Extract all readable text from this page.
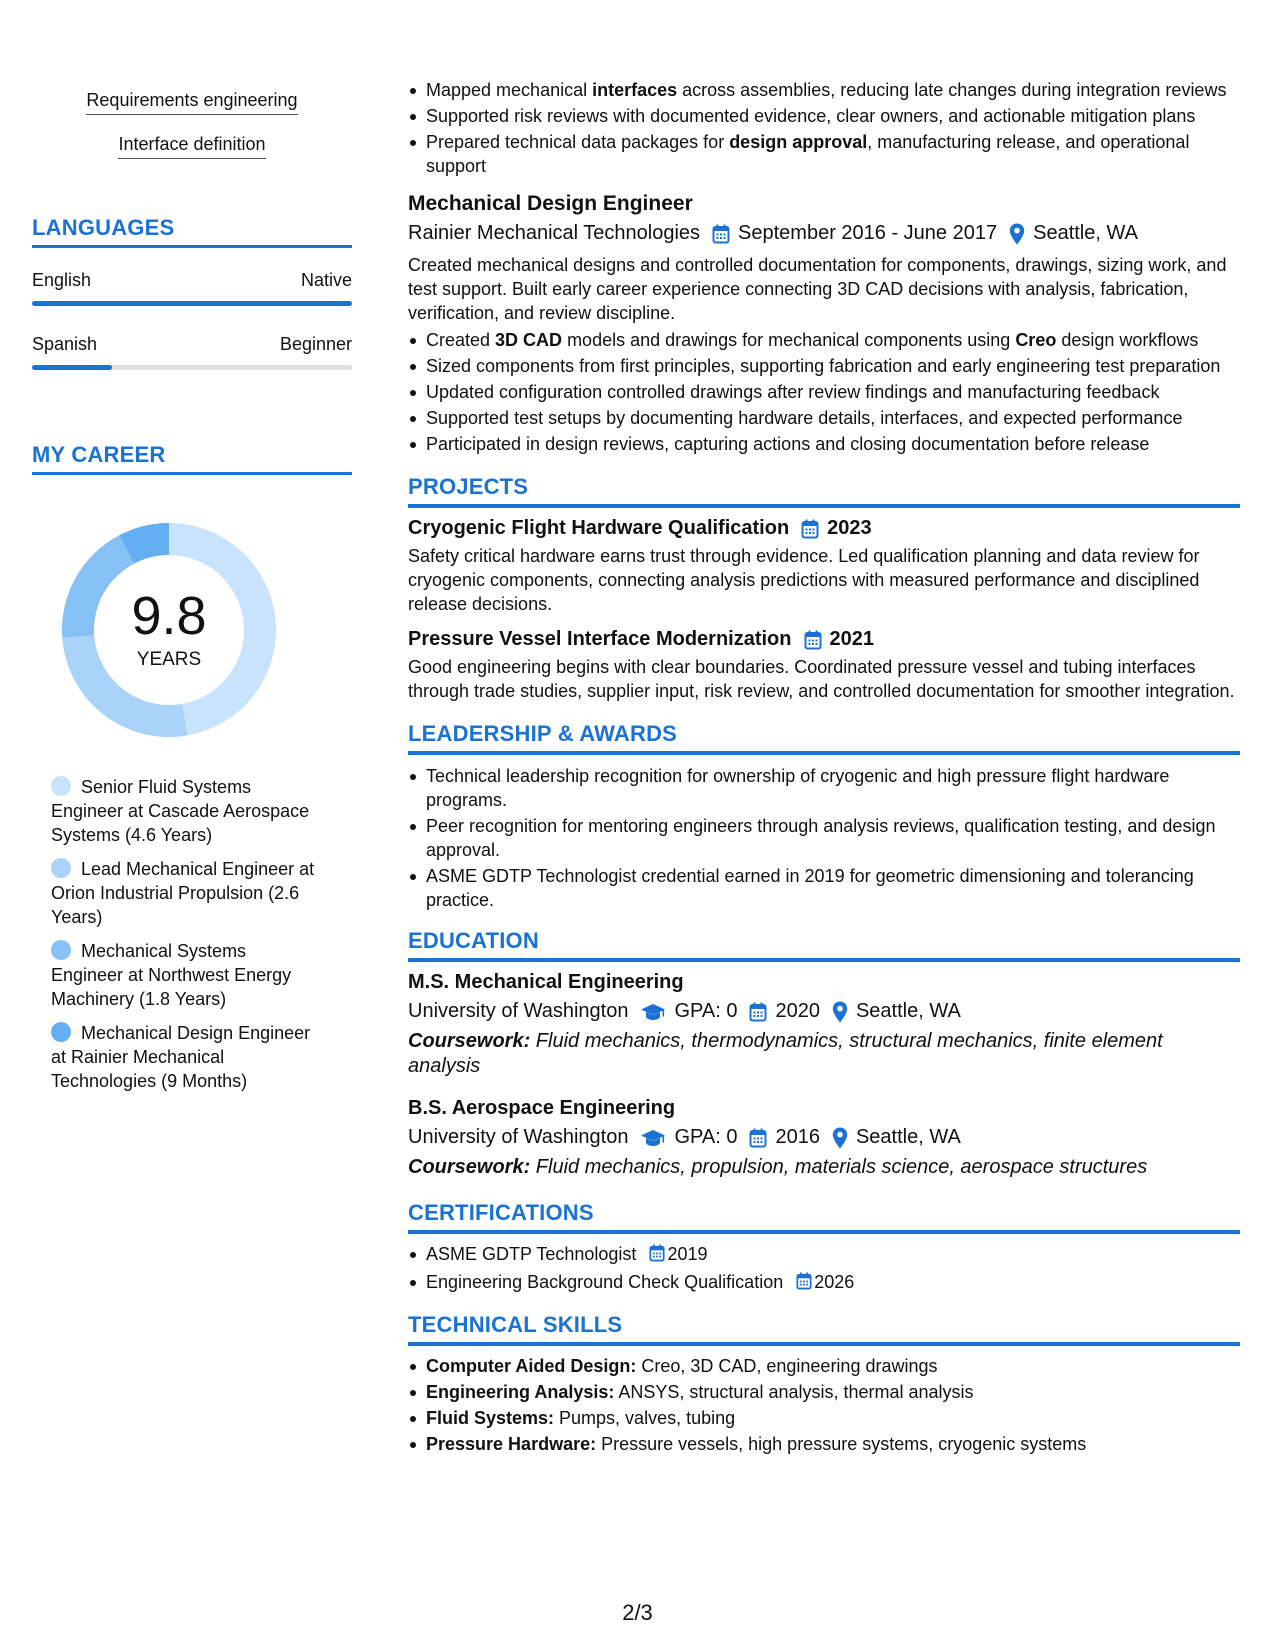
Requirements engineering
Interface definition
LANGUAGES
English	Native
Spanish	Beginner
MY CAREER
9.8
YEARS
Senior Fluid Systems Engineer at Cascade Aerospace Systems (4.6 Years)
Lead Mechanical Engineer at Orion Industrial Propulsion (2.6 Years)
Mechanical Systems Engineer at Northwest Energy Machinery (1.8 Years)
Mechanical Design Engineer at Rainier Mechanical Technologies (9 Months)
Mapped mechanical interfaces across assemblies, reducing late changes during integration reviews
Supported risk reviews with documented evidence, clear owners, and actionable mitigation plans
Prepared technical data packages for design approval, manufacturing release, and operational support
Mechanical Design Engineer
Rainier Mechanical Technologies September 2016 - June 2017 Seattle, WA
Created mechanical designs and controlled documentation for components, drawings, sizing work, and test support. Built early career experience connecting 3D CAD decisions with analysis, fabrication, verification, and review discipline.
Created 3D CAD models and drawings for mechanical components using Creo design workflows
Sized components from first principles, supporting fabrication and early engineering test preparation
Updated configuration controlled drawings after review findings and manufacturing feedback
Supported test setups by documenting hardware details, interfaces, and expected performance
Participated in design reviews, capturing actions and closing documentation before release
PROJECTS
Cryogenic Flight Hardware Qualification 2023
Safety critical hardware earns trust through evidence. Led qualification planning and data review for cryogenic components, connecting analysis predictions with measured performance and disciplined release decisions.
Pressure Vessel Interface Modernization 2021
Good engineering begins with clear boundaries. Coordinated pressure vessel and tubing interfaces through trade studies, supplier input, risk review, and controlled documentation for smoother integration.
LEADERSHIP & AWARDS
Technical leadership recognition for ownership of cryogenic and high pressure flight hardware programs.
Peer recognition for mentoring engineers through analysis reviews, qualification testing, and design approval.
ASME GDTP Technologist credential earned in 2019 for geometric dimensioning and tolerancing practice.
EDUCATION
M.S. Mechanical Engineering
University of Washington GPA: 0 2020 Seattle, WA
Coursework: Fluid mechanics, thermodynamics, structural mechanics, finite element analysis
B.S. Aerospace Engineering
University of Washington GPA: 0 2016 Seattle, WA
Coursework: Fluid mechanics, propulsion, materials science, aerospace structures
CERTIFICATIONS
ASME GDTP Technologist 2019
Engineering Background Check Qualification 2026
TECHNICAL SKILLS
Computer Aided Design: Creo, 3D CAD, engineering drawings
Engineering Analysis: ANSYS, structural analysis, thermal analysis
Fluid Systems: Pumps, valves, tubing
Pressure Hardware: Pressure vessels, high pressure systems, cryogenic systems
2/3
